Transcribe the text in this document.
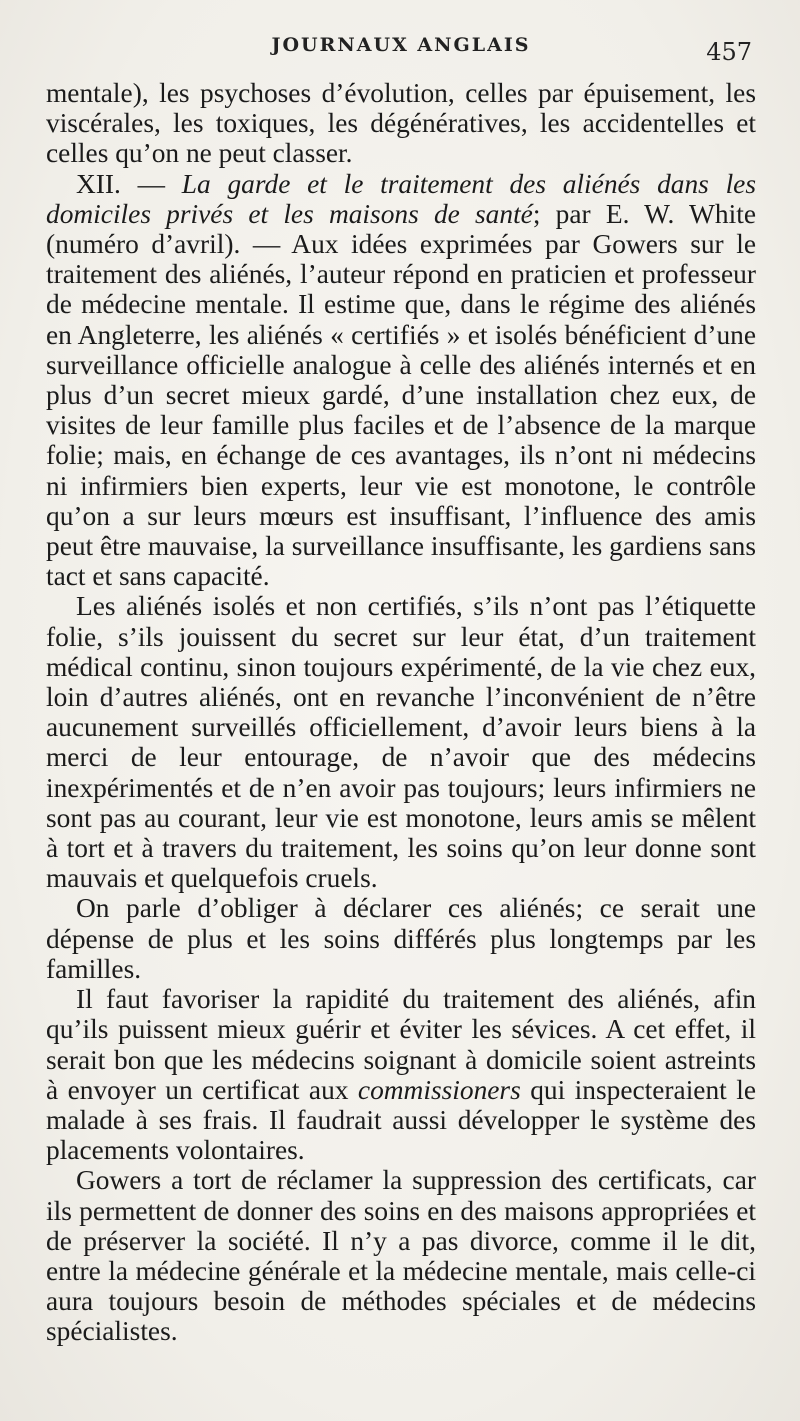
JOURNAUX ANGLAIS	457

mentale), les psychoses d’évolution, celles par épuisement, les viscérales, les toxiques, les dégénératives, les accidentelles et celles qu’on ne peut classer.

XII. — La garde et le traitement des aliénés dans les domiciles privés et les maisons de santé; par E. W. White (numéro d’avril). — Aux idées exprimées par Gowers sur le traitement des aliénés, l’auteur répond en praticien et professeur de médecine mentale. Il estime que, dans le régime des aliénés en Angleterre, les aliénés « certifiés » et isolés bénéficient d’une surveillance officielle analogue à celle des aliénés internés et en plus d’un secret mieux gardé, d’une installation chez eux, de visites de leur famille plus faciles et de l’absence de la marque folie; mais, en échange de ces avantages, ils n’ont ni médecins ni infirmiers bien experts, leur vie est monotone, le contrôle qu’on a sur leurs mœurs est insuffisant, l’influence des amis peut être mauvaise, la surveillance insuffisante, les gardiens sans tact et sans capacité.

Les aliénés isolés et non certifiés, s’ils n’ont pas l’étiquette folie, s’ils jouissent du secret sur leur état, d’un traitement médical continu, sinon toujours expérimenté, de la vie chez eux, loin d’autres aliénés, ont en revanche l’inconvénient de n’être aucunement surveillés officiellement, d’avoir leurs biens à la merci de leur entourage, de n’avoir que des médecins inexpérimentés et de n’en avoir pas toujours; leurs infirmiers ne sont pas au courant, leur vie est monotone, leurs amis se mêlent à tort et à travers du traitement, les soins qu’on leur donne sont mauvais et quelquefois cruels.

On parle d’obliger à déclarer ces aliénés; ce serait une dépense de plus et les soins différés plus longtemps par les familles.

Il faut favoriser la rapidité du traitement des aliénés, afin qu’ils puissent mieux guérir et éviter les sévices. A cet effet, il serait bon que les médecins soignant à domicile soient astreints à envoyer un certificat aux commissioners qui inspecteraient le malade à ses frais. Il faudrait aussi développer le système des placements volontaires.

Gowers a tort de réclamer la suppression des certificats, car ils permettent de donner des soins en des maisons appropriées et de préserver la société. Il n’y a pas divorce, comme il le dit, entre la médecine générale et la médecine mentale, mais celle-ci aura toujours besoin de méthodes spéciales et de médecins spécialistes.
